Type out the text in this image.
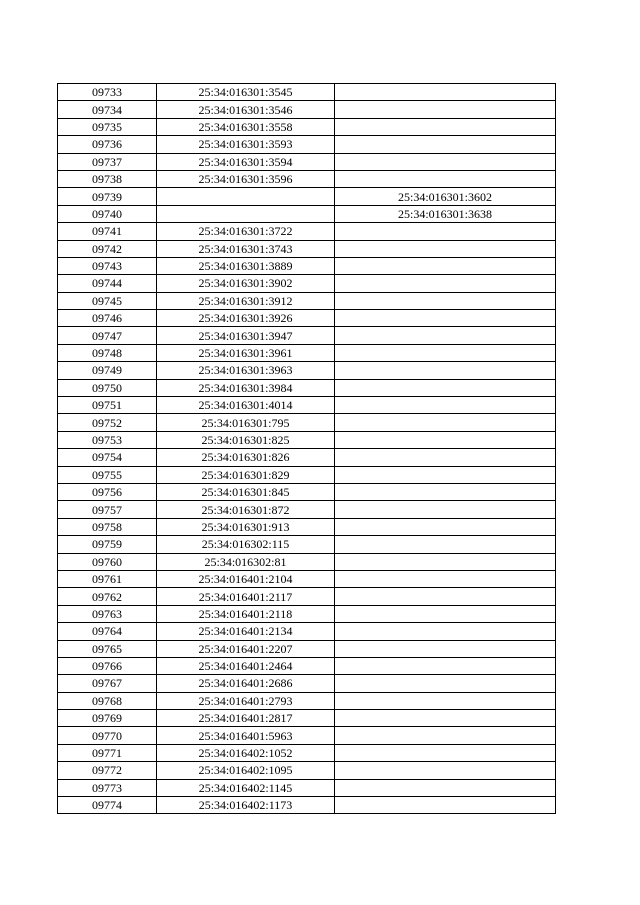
09733	25:34:016301:3545	
09734	25:34:016301:3546	
09735	25:34:016301:3558	
09736	25:34:016301:3593	
09737	25:34:016301:3594	
09738	25:34:016301:3596	
09739		25:34:016301:3602
09740		25:34:016301:3638
09741	25:34:016301:3722	
09742	25:34:016301:3743	
09743	25:34:016301:3889	
09744	25:34:016301:3902	
09745	25:34:016301:3912	
09746	25:34:016301:3926	
09747	25:34:016301:3947	
09748	25:34:016301:3961	
09749	25:34:016301:3963	
09750	25:34:016301:3984	
09751	25:34:016301:4014	
09752	25:34:016301:795	
09753	25:34:016301:825	
09754	25:34:016301:826	
09755	25:34:016301:829	
09756	25:34:016301:845	
09757	25:34:016301:872	
09758	25:34:016301:913	
09759	25:34:016302:115	
09760	25:34:016302:81	
09761	25:34:016401:2104	
09762	25:34:016401:2117	
09763	25:34:016401:2118	
09764	25:34:016401:2134	
09765	25:34:016401:2207	
09766	25:34:016401:2464	
09767	25:34:016401:2686	
09768	25:34:016401:2793	
09769	25:34:016401:2817	
09770	25:34:016401:5963	
09771	25:34:016402:1052	
09772	25:34:016402:1095	
09773	25:34:016402:1145	
09774	25:34:016402:1173	
